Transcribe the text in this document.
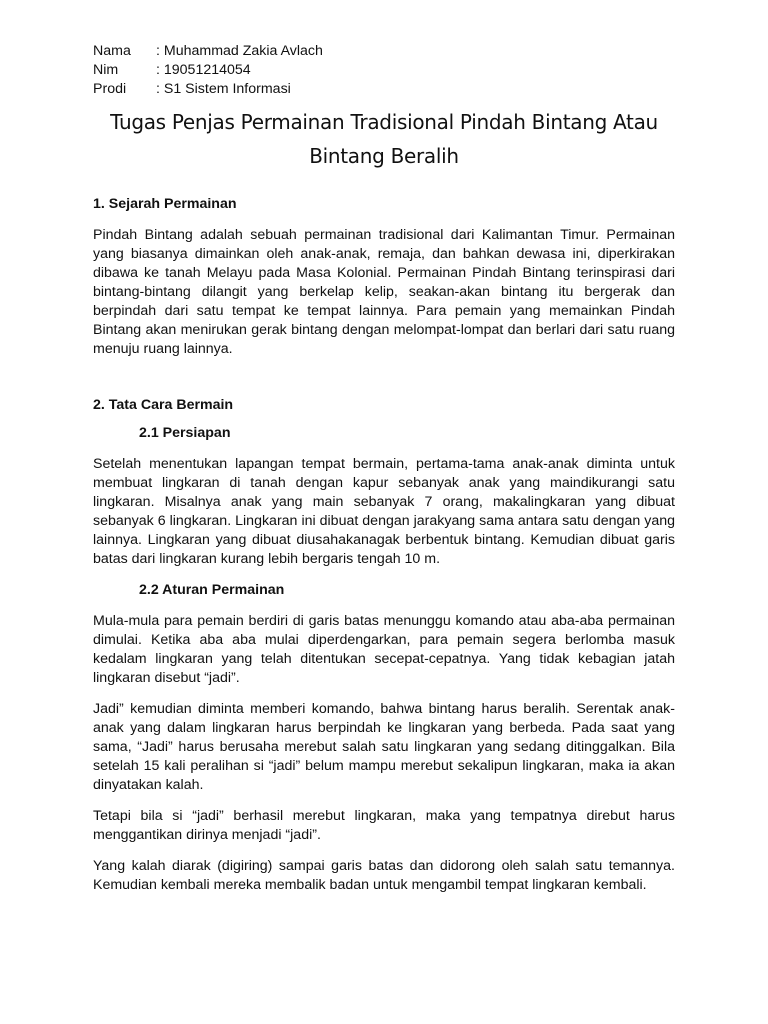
Nama	: Muhammad Zakia Avlach
Nim	: 19051214054
Prodi	: S1 Sistem Informasi
Tugas Penjas Permainan Tradisional Pindah Bintang Atau Bintang Beralih

1. Sejarah Permainan

Pindah Bintang adalah sebuah permainan tradisional dari Kalimantan Timur. Permainan yang biasanya dimainkan oleh anak-anak, remaja, dan bahkan dewasa ini, diperkirakan dibawa ke tanah Melayu pada Masa Kolonial. Permainan Pindah Bintang terinspirasi dari bintang-bintang dilangit yang berkelap kelip, seakan-akan bintang itu bergerak dan berpindah dari satu tempat ke tempat lainnya. Para pemain yang memainkan Pindah Bintang akan menirukan gerak bintang dengan melompat-lompat dan berlari dari satu ruang menuju ruang lainnya.

2. Tata Cara Bermain

2.1 Persiapan

Setelah menentukan lapangan tempat bermain, pertama-tama anak-anak diminta untuk membuat lingkaran di tanah dengan kapur sebanyak anak yang maindikurangi satu lingkaran. Misalnya anak yang main sebanyak 7 orang, makalingkaran yang dibuat sebanyak 6 lingkaran. Lingkaran ini dibuat dengan jarakyang sama antara satu dengan yang lainnya. Lingkaran yang dibuat diusahakanagak berbentuk bintang. Kemudian dibuat garis batas dari lingkaran kurang lebih bergaris tengah 10 m.

2.2 Aturan Permainan

Mula-mula para pemain berdiri di garis batas menunggu komando atau aba-aba permainan dimulai. Ketika aba aba mulai diperdengarkan, para pemain segera berlomba masuk kedalam lingkaran yang telah ditentukan secepat-cepatnya. Yang tidak kebagian jatah lingkaran disebut “jadi”.

Jadi” kemudian diminta memberi komando, bahwa bintang harus beralih. Serentak anak-anak yang dalam lingkaran harus berpindah ke lingkaran yang berbeda. Pada saat yang sama, “Jadi” harus berusaha merebut salah satu lingkaran yang sedang ditinggalkan. Bila setelah 15 kali peralihan si “jadi” belum mampu merebut sekalipun lingkaran, maka ia akan dinyatakan kalah.

Tetapi bila si “jadi” berhasil merebut lingkaran, maka yang tempatnya direbut harus menggantikan dirinya menjadi “jadi”.

Yang kalah diarak (digiring) sampai garis batas dan didorong oleh salah satu temannya. Kemudian kembali mereka membalik badan untuk mengambil tempat lingkaran kembali.
